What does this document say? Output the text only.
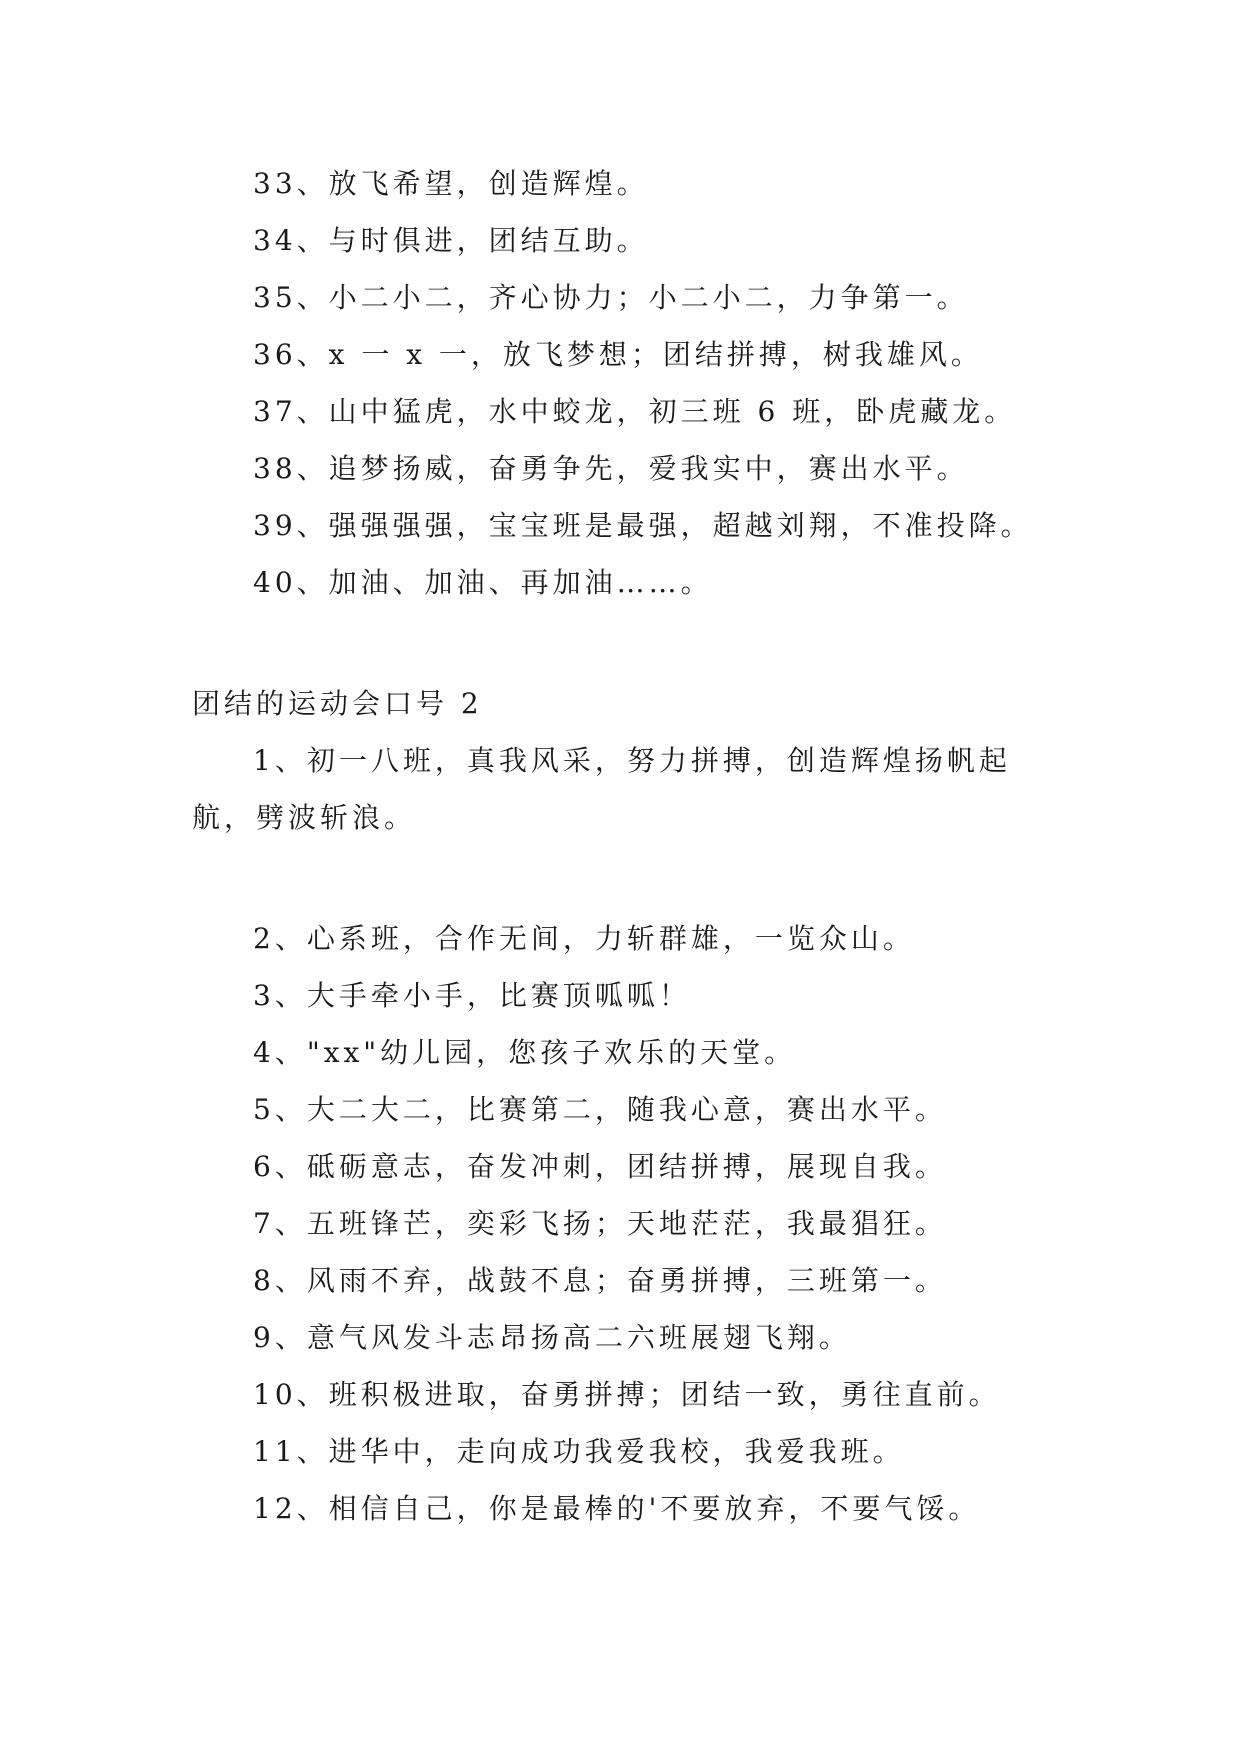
33、放飞希望，创造辉煌。
34、与时俱进，团结互助。
35、小二小二，齐心协力；小二小二，力争第一。
36、x 一 x 一，放飞梦想；团结拼搏，树我雄风。
37、山中猛虎，水中蛟龙，初三班 6 班，卧虎藏龙。
38、追梦扬威，奋勇争先，爱我实中，赛出水平。
39、强强强强，宝宝班是最强，超越刘翔，不准投降。
40、加油、加油、再加油……。
团结的运动会口号 2
1、初一八班，真我风采，努力拼搏，创造辉煌扬帆起
航，劈波斩浪。
2、心系班，合作无间，力斩群雄，一览众山。
3、大手牵小手，比赛顶呱呱！
4、"xx"幼儿园，您孩子欢乐的天堂。
5、大二大二，比赛第二，随我心意，赛出水平。
6、砥砺意志，奋发冲刺，团结拼搏，展现自我。
7、五班锋芒，奕彩飞扬；天地茫茫，我最猖狂。
8、风雨不弃，战鼓不息；奋勇拼搏，三班第一。
9、意气风发斗志昂扬高二六班展翅飞翔。
10、班积极进取，奋勇拼搏；团结一致，勇往直前。
11、进华中，走向成功我爱我校，我爱我班。
12、相信自己，你是最棒的'不要放弃，不要气馁。
